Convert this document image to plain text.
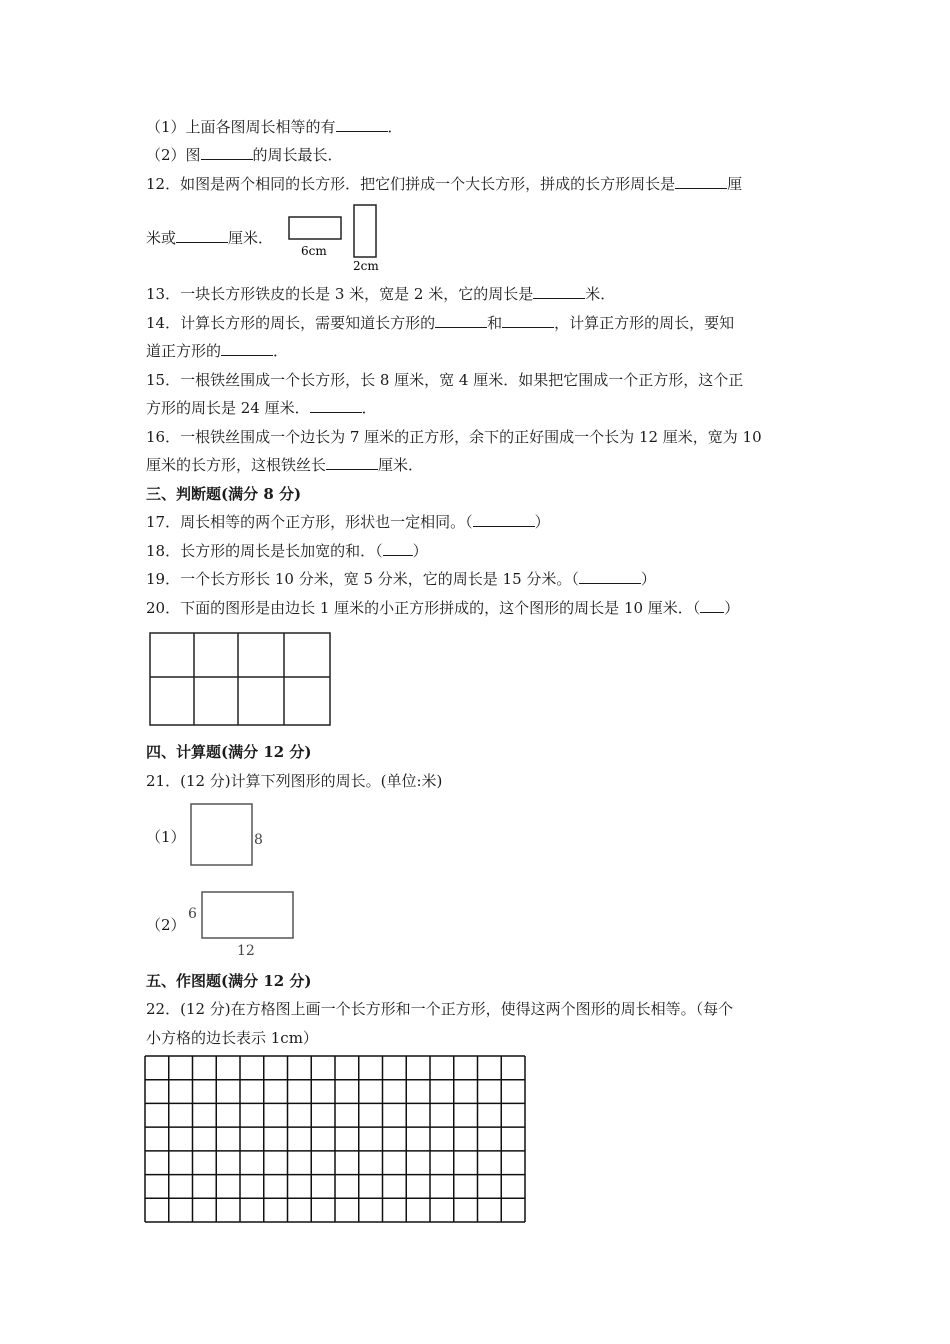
（1）上面各图周长相等的有	．
（2）图	的周长最长．
12．如图是两个相同的长方形．把它们拼成一个大长方形，拼成的长方形周长是	厘
米或	厘米．
6cm
2cm
13．一块长方形铁皮的长是 3 米，宽是 2 米，它的周长是	米．
14．计算长方形的周长，需要知道长方形的	和	，计算正方形的周长，要知
道正方形的	．
15．一根铁丝围成一个长方形，长 8 厘米，宽 4 厘米．如果把它围成一个正方形，这个正
方形的周长是 24 厘米．	．
16．一根铁丝围成一个边长为 7 厘米的正方形，余下的正好围成一个长为 12 厘米，宽为 10
厘米的长方形，这根铁丝长	厘米．
三、判断题(满分 8 分)
17．周长相等的两个正方形，形状也一定相同。（	）
18．长方形的周长是长加宽的和．（ ）
19．一个长方形长 10 分米，宽 5 分米，它的周长是 15 分米。（	）
20．下面的图形是由边长 1 厘米的小正方形拼成的，这个图形的周长是 10 厘米．（ ）
四、计算题(满分 12 分)
21．(12 分)计算下列图形的周长。(单位:米)
（1）	8
（2）
6
12
五、作图题(满分 12 分)
22．(12 分)在方格图上画一个长方形和一个正方形，使得这两个图形的周长相等。（每个
小方格的边长表示 1cm）
